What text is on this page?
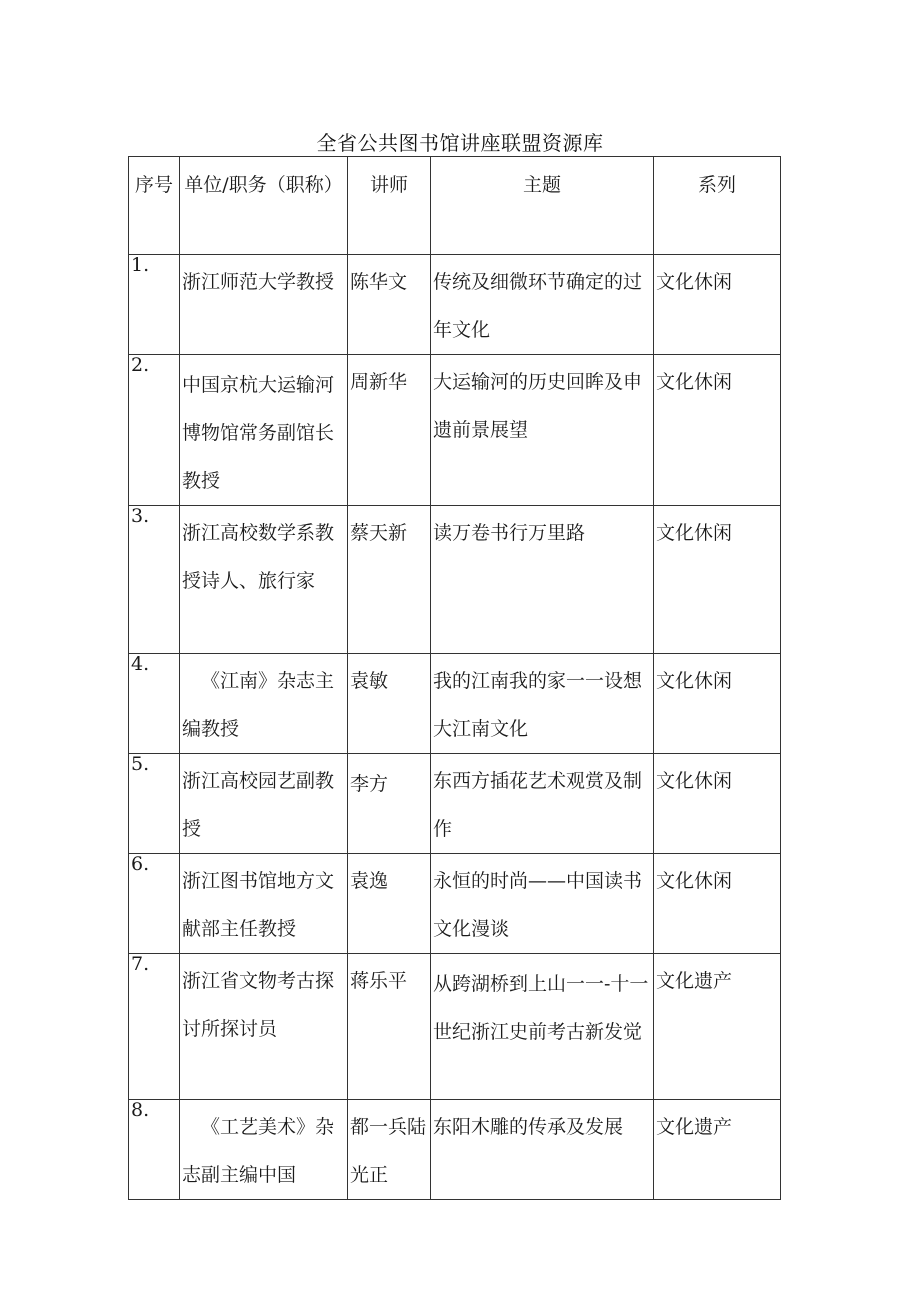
全省公共图书馆讲座联盟资源库
序号	单位/职务（职称）	讲师	主题	系列
1.	浙江师范大学教授	陈华文	传统及细微环节确定的过年文化	文化休闲
2.	中国京杭大运输河博物馆常务副馆长教授	周新华	大运输河的历史回眸及申遗前景展望	文化休闲
3.	浙江高校数学系教授诗人、旅行家	蔡天新	读万卷书行万里路	文化休闲
4.	《江南》杂志主编教授	袁敏	我的江南我的家一一设想大江南文化	文化休闲
5.	浙江高校园艺副教授	李方	东西方插花艺术观赏及制作	文化休闲
6.	浙江图书馆地方文献部主任教授	袁逸	永恒的时尚——中国读书文化漫谈	文化休闲
7.	浙江省文物考古探讨所探讨员	蒋乐平	从跨湖桥到上山一一-十一世纪浙江史前考古新发觉	文化遗产
8.	《工艺美术》杂志副主编中国	都一兵陆光正	东阳木雕的传承及发展	文化遗产
